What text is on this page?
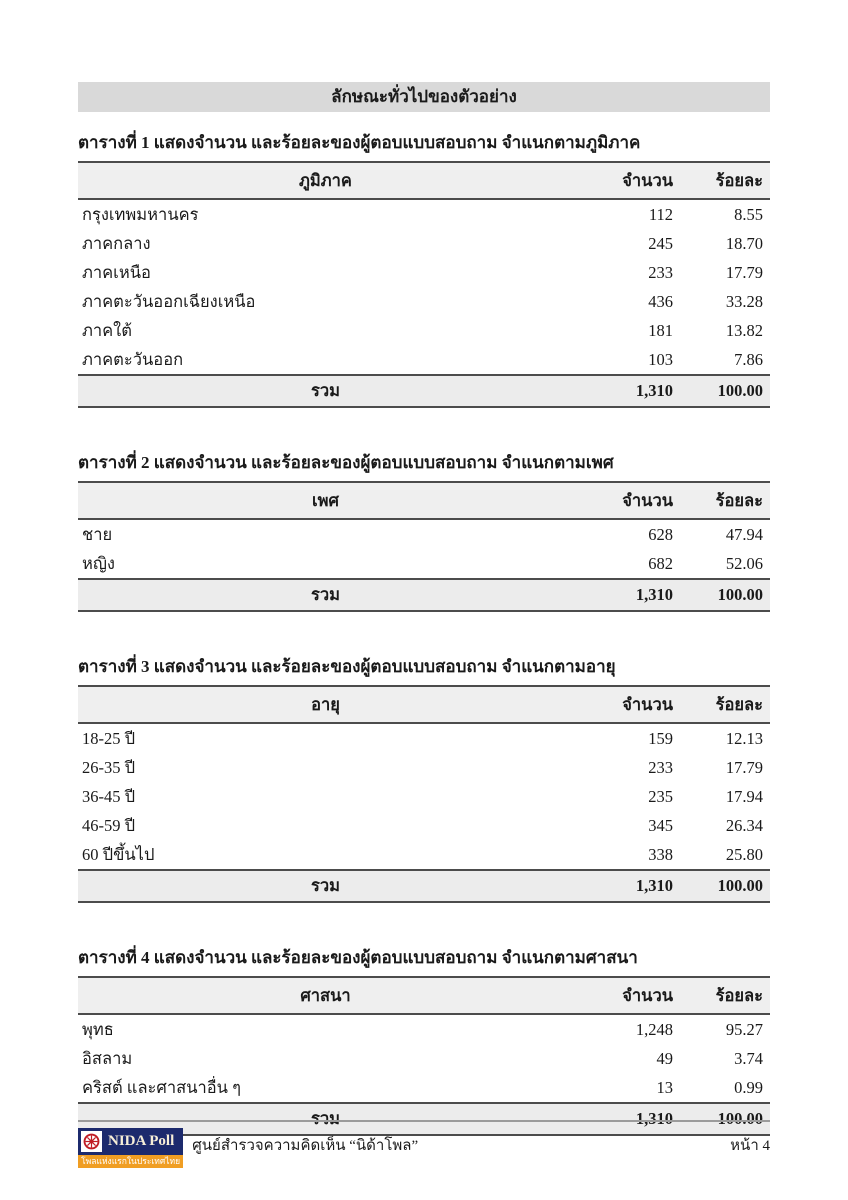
ลักษณะทั่วไปของตัวอย่าง
ตารางที่ 1 แสดงจำนวน และร้อยละของผู้ตอบแบบสอบถาม จำแนกตามภูมิภาค
ภูมิภาค	จำนวน	ร้อยละ
กรุงเทพมหานคร	112	8.55
ภาคกลาง	245	18.70
ภาคเหนือ	233	17.79
ภาคตะวันออกเฉียงเหนือ	436	33.28
ภาคใต้	181	13.82
ภาคตะวันออก	103	7.86
รวม	1,310	100.00
ตารางที่ 2 แสดงจำนวน และร้อยละของผู้ตอบแบบสอบถาม จำแนกตามเพศ
เพศ	จำนวน	ร้อยละ
ชาย	628	47.94
หญิง	682	52.06
รวม	1,310	100.00
ตารางที่ 3 แสดงจำนวน และร้อยละของผู้ตอบแบบสอบถาม จำแนกตามอายุ
อายุ	จำนวน	ร้อยละ
18-25 ปี	159	12.13
26-35 ปี	233	17.79
36-45 ปี	235	17.94
46-59 ปี	345	26.34
60 ปีขึ้นไป	338	25.80
รวม	1,310	100.00
ตารางที่ 4 แสดงจำนวน และร้อยละของผู้ตอบแบบสอบถาม จำแนกตามศาสนา
ศาสนา	จำนวน	ร้อยละ
พุทธ	1,248	95.27
อิสลาม	49	3.74
คริสต์ และศาสนาอื่น ๆ	13	0.99
รวม	1,310	100.00
NIDA Poll
โพลแห่งแรกในประเทศไทย
ศูนย์สำรวจความคิดเห็น “นิด้าโพล”	หน้า 4
